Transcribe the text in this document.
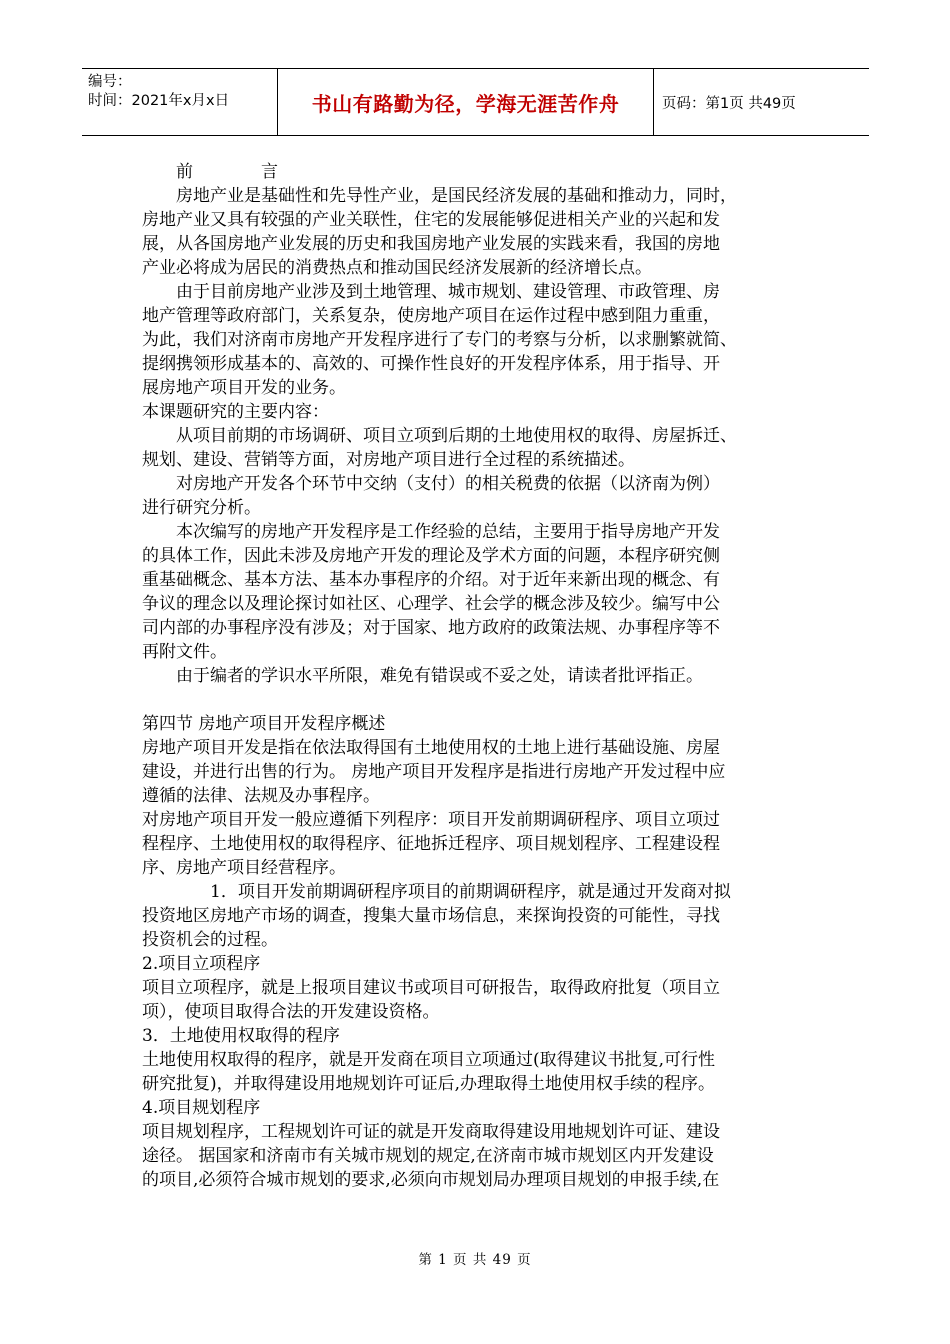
编号：
时间：2021年x月x日	书山有路勤为径，学海无涯苦作舟	页码：第1页 共49页

　　前　　　　言

　　房地产业是基础性和先导性产业，是国民经济发展的基础和推动力，同时，

房地产业又具有较强的产业关联性，住宅的发展能够促进相关产业的兴起和发

展，从各国房地产业发展的历史和我国房地产业发展的实践来看，我国的房地

产业必将成为居民的消费热点和推动国民经济发展新的经济增长点。

　　由于目前房地产业涉及到土地管理、城市规划、建设管理、市政管理、房

地产管理等政府部门，关系复杂，使房地产项目在运作过程中感到阻力重重，

为此，我们对济南市房地产开发程序进行了专门的考察与分析，以求删繁就简、

提纲携领形成基本的、高效的、可操作性良好的开发程序体系，用于指导、开

展房地产项目开发的业务。

本课题研究的主要内容：

　　从项目前期的市场调研、项目立项到后期的土地使用权的取得、房屋拆迁、

规划、建设、营销等方面，对房地产项目进行全过程的系统描述。

　　对房地产开发各个环节中交纳（支付）的相关税费的依据（以济南为例）

进行研究分析。

　　本次编写的房地产开发程序是工作经验的总结，主要用于指导房地产开发

的具体工作，因此未涉及房地产开发的理论及学术方面的问题，本程序研究侧

重基础概念、基本方法、基本办事程序的介绍。对于近年来新出现的概念、有

争议的理念以及理论探讨如社区、心理学、社会学的概念涉及较少。编写中公

司内部的办事程序没有涉及；对于国家、地方政府的政策法规、办事程序等不

再附文件。

　　由于编者的学识水平所限，难免有错误或不妥之处，请读者批评指正。

第四节 房地产项目开发程序概述

房地产项目开发是指在依法取得国有土地使用权的土地上进行基础设施、房屋

建设，并进行出售的行为。 房地产项目开发程序是指进行房地产开发过程中应

遵循的法律、法规及办事程序。

对房地产项目开发一般应遵循下列程序：项目开发前期调研程序、项目立项过

程程序、土地使用权的取得程序、征地拆迁程序、项目规划程序、工程建设程

序、房地产项目经营程序。

　　　　1．项目开发前期调研程序项目的前期调研程序，就是通过开发商对拟

投资地区房地产市场的调查，搜集大量市场信息，来探询投资的可能性，寻找

投资机会的过程。

2.项目立项程序

项目立项程序，就是上报项目建议书或项目可研报告，取得政府批复（项目立

项），使项目取得合法的开发建设资格。

3．土地使用权取得的程序

土地使用权取得的程序，就是开发商在项目立项通过(取得建议书批复,可行性

研究批复)，并取得建设用地规划许可证后,办理取得土地使用权手续的程序。

4.项目规划程序

项目规划程序，工程规划许可证的就是开发商取得建设用地规划许可证、建设

途径。 据国家和济南市有关城市规划的规定,在济南市城市规划区内开发建设

的项目,必须符合城市规划的要求,必须向市规划局办理项目规划的申报手续,在

第 1 页 共 49 页
